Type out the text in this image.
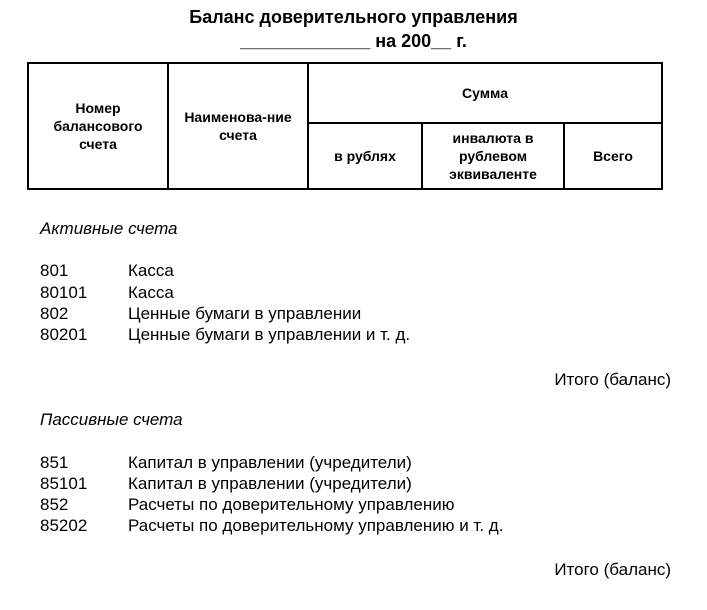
Баланс доверительного управления
_____________ на 200__ г.
Номер балансового счета	Наименова-ние счета	Сумма		
		в рублях	инвалюта в рублевом эквиваленте	Всего
Активные счета
801	Касса
80101 Касса
802	Ценные бумаги в управлении
80201 Ценные бумаги в управлении и т. д.
Итого (баланс)
Пассивные счета
851	Капитал в управлении (учредители)
85101 Капитал в управлении (учредители)
852	Расчеты по доверительному управлению
85202 Расчеты по доверительному управлению и т. д.
Итого (баланс)
